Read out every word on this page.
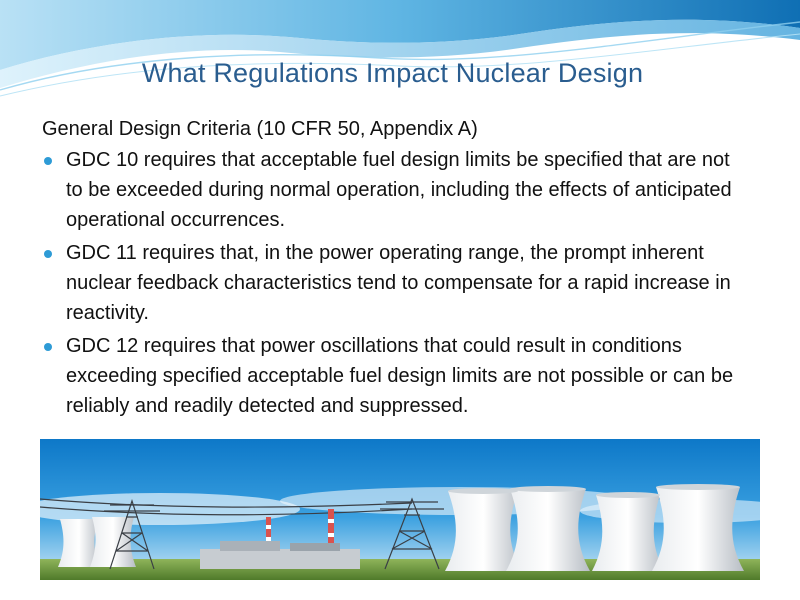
What Regulations Impact Nuclear Design

General Design Criteria (10 CFR 50, Appendix A)

GDC 10 requires that acceptable fuel design limits be specified that are not to be exceeded during normal operation, including the effects of anticipated operational occurrences.
GDC 11 requires that, in the power operating range, the prompt inherent nuclear feedback characteristics tend to compensate for a rapid increase in reactivity.
GDC 12 requires that power oscillations that could result in conditions exceeding specified acceptable fuel design limits are not possible or can be reliably and readily detected and suppressed.
